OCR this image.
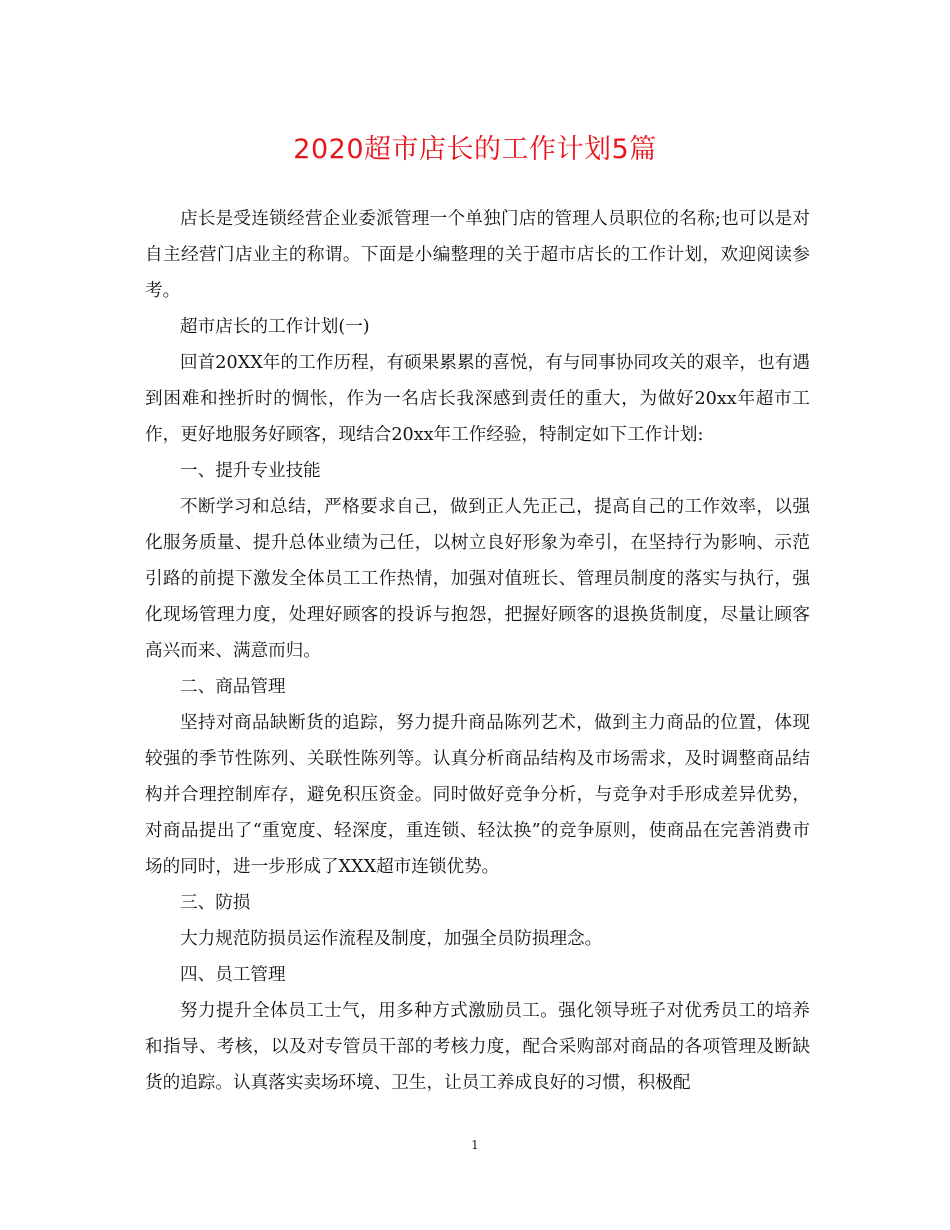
2020超市店长的工作计划5篇

店长是受连锁经营企业委派管理一个单独门店的管理人员职位的名称;也可以是对自主经营门店业主的称谓。下面是小编整理的关于超市店长的工作计划，欢迎阅读参考。

超市店长的工作计划(一)

回首20XX年的工作历程，有硕果累累的喜悦，有与同事协同攻关的艰辛，也有遇到困难和挫折时的惆怅，作为一名店长我深感到责任的重大，为做好20xx年超市工作，更好地服务好顾客，现结合20xx年工作经验，特制定如下工作计划:

一、提升专业技能

不断学习和总结，严格要求自己，做到正人先正己，提高自己的工作效率，以强化服务质量、提升总体业绩为己任，以树立良好形象为牵引，在坚持行为影响、示范引路的前提下激发全体员工工作热情，加强对值班长、管理员制度的落实与执行，强化现场管理力度，处理好顾客的投诉与抱怨，把握好顾客的退换货制度，尽量让顾客高兴而来、满意而归。

二、商品管理

坚持对商品缺断货的追踪，努力提升商品陈列艺术，做到主力商品的位置，体现较强的季节性陈列、关联性陈列等。认真分析商品结构及市场需求，及时调整商品结构并合理控制库存，避免积压资金。同时做好竞争分析，与竞争对手形成差异优势，对商品提出了“重宽度、轻深度，重连锁、轻汰换”的竞争原则，使商品在完善消费市场的同时，进一步形成了XXX超市连锁优势。

三、防损

大力规范防损员运作流程及制度，加强全员防损理念。

四、员工管理

努力提升全体员工士气，用多种方式激励员工。强化领导班子对优秀员工的培养和指导、考核，以及对专管员干部的考核力度，配合采购部对商品的各项管理及断缺货的追踪。认真落实卖场环境、卫生，让员工养成良好的习惯，积极配

1
